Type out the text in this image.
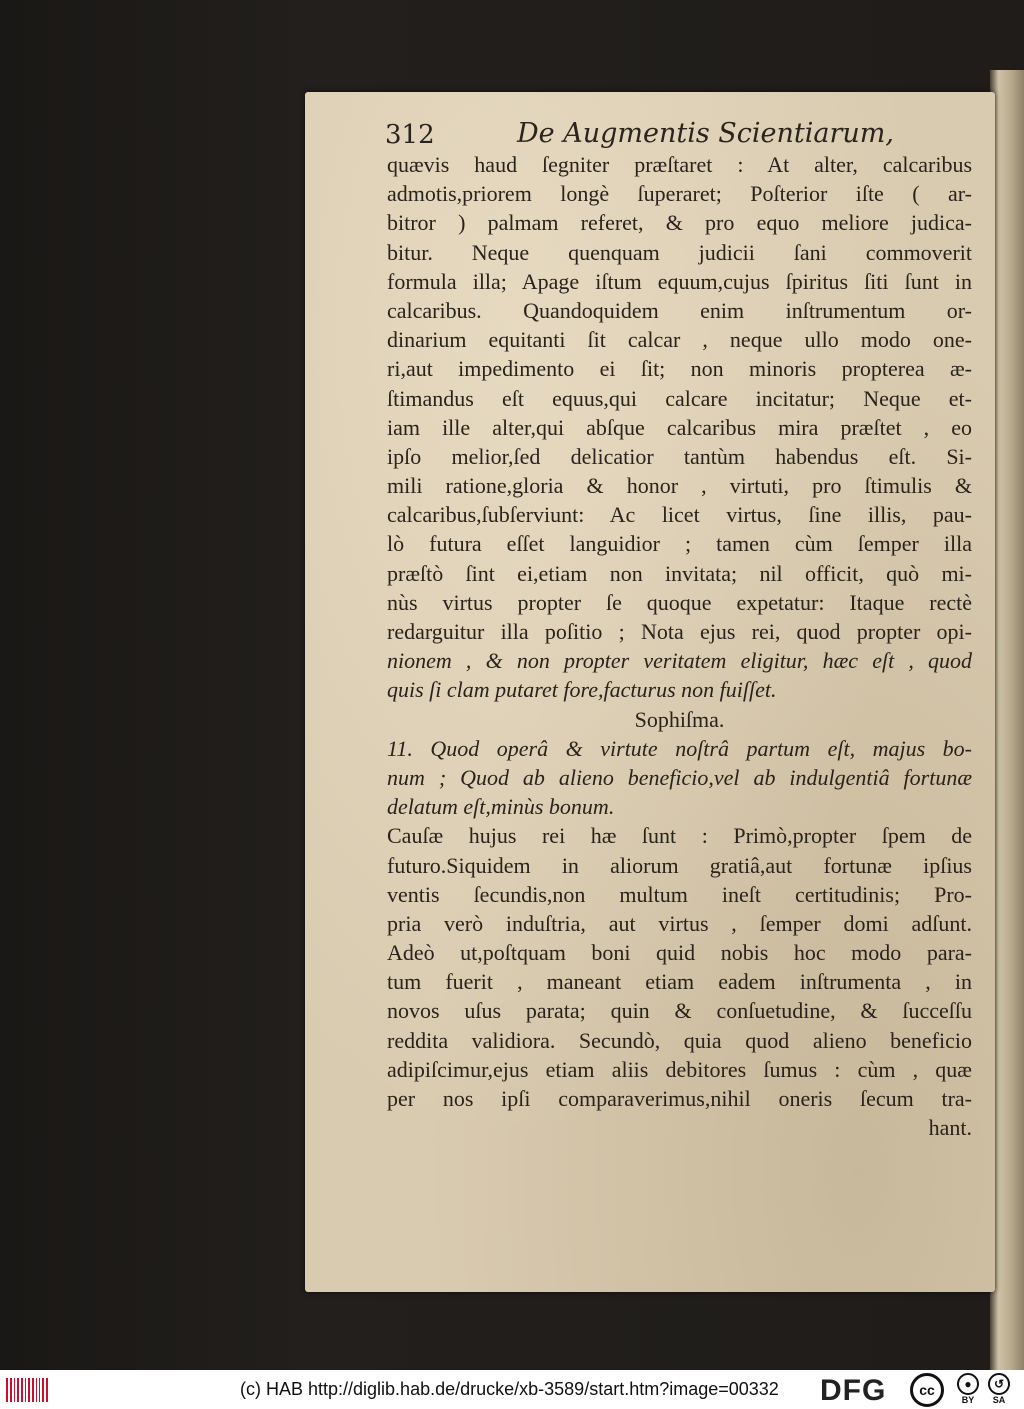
312	De Augmentis Scientiarum,
quævis haud ſegniter præſtaret : At alter, calcaribus
admotis,priorem longè ſuperaret; Poſterior iſte ( ar-
bitror ) palmam referet, & pro equo meliore judica-
bitur. Neque quenquam judicii ſani commoverit
formula illa; Apage iſtum equum,cujus ſpiritus ſiti ſunt in
calcaribus. Quandoquidem enim inſtrumentum or-
dinarium equitanti ſit calcar , neque ullo modo one-
ri,aut impedimento ei ſit; non minoris propterea æ-
ſtimandus eſt equus,qui calcare incitatur; Neque et-
iam ille alter,qui abſque calcaribus mira præſtet , eo
ipſo melior,ſed delicatior tantùm habendus eſt. Si-
mili ratione,gloria & honor , virtuti, pro ſtimulis &
calcaribus,ſubſerviunt: Ac licet virtus, ſine illis, pau-
lò futura eſſet languidior ; tamen cùm ſemper illa
præſtò ſint ei,etiam non invitata; nil officit, quò mi-
nùs virtus propter ſe quoque expetatur: Itaque rectè
redarguitur illa poſitio ; Nota ejus rei, quod propter opi-
nionem , & non propter veritatem eligitur, hæc eſt , quod
quis ſi clam putaret fore,facturus non fuiſſet.
Sophiſma.
11. Quod operâ & virtute noſtrâ partum eſt, majus bo-
num ; Quod ab alieno beneficio,vel ab indulgentiâ fortunæ
delatum eſt,minùs bonum.
Cauſæ hujus rei hæ ſunt : Primò,propter ſpem de
futuro.Siquidem in aliorum gratiâ,aut fortunæ ipſius
ventis ſecundis,non multum ineſt certitudinis; Pro-
pria verò induſtria, aut virtus , ſemper domi adſunt.
Adeò ut,poſtquam boni quid nobis hoc modo para-
tum fuerit , maneant etiam eadem inſtrumenta , in
novos uſus parata; quin & conſuetudine, & ſucceſſu
reddita validiora. Secundò, quia quod alieno beneficio
adipiſcimur,ejus etiam aliis debitores ſumus : cùm , quæ
per nos ipſi comparaverimus,nihil oneris ſecum tra-
hant.
(c) HAB http://diglib.hab.de/drucke/xb-3589/start.htm?image=00332 DFG cc	●
BY
↺
SA
